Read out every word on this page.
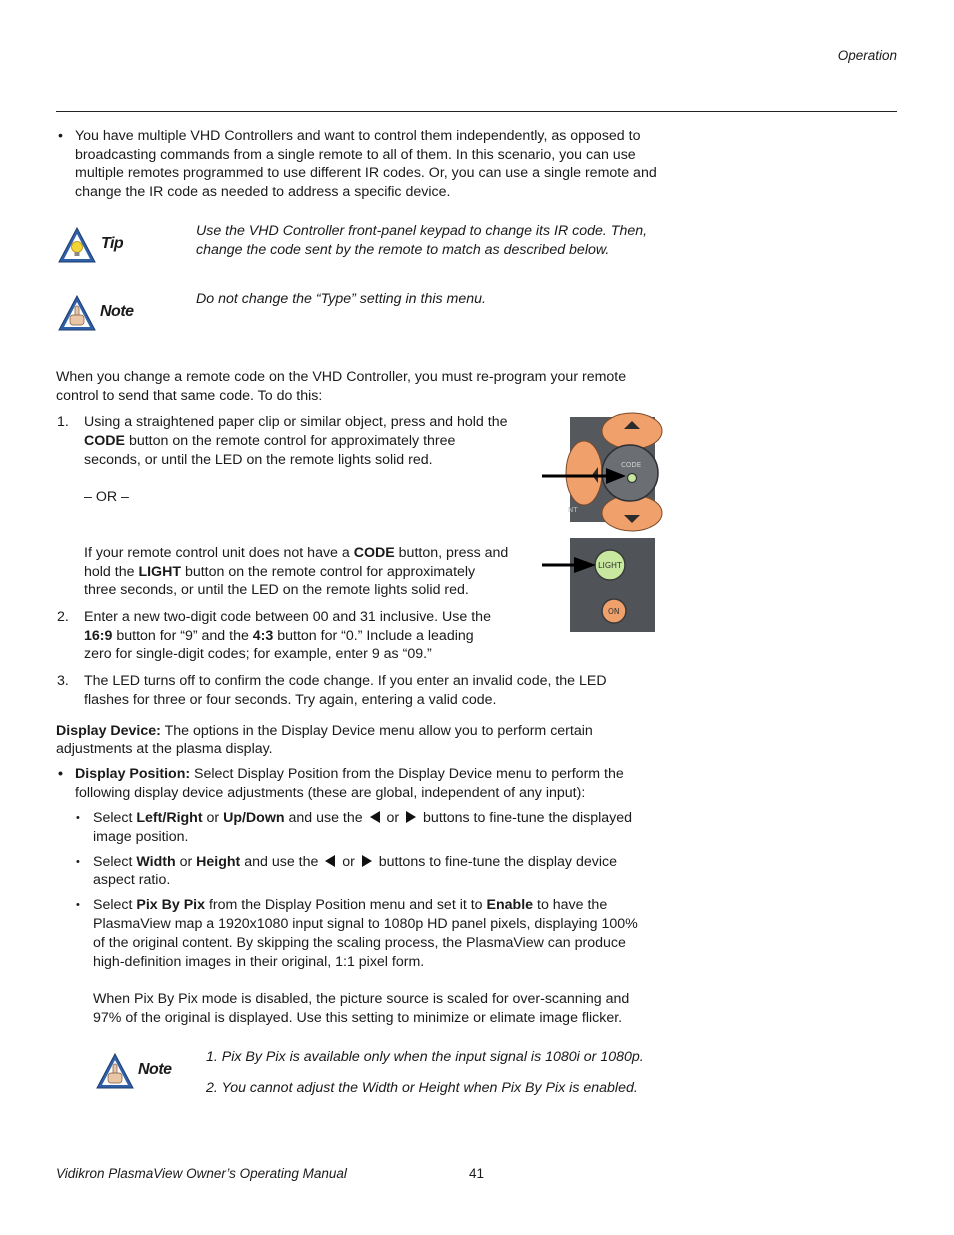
Operation
• You have multiple VHD Controllers and want to control them independently, as opposed to broadcasting commands from a single remote to all of them. In this scenario, you can use multiple remotes programmed to use different IR codes. Or, you can use a single remote and change the IR code as needed to address a specific device.
Tip
Use the VHD Controller front-panel keypad to change its IR code. Then,
change the code sent by the remote to match as described below.
Note
Do not change the “Type” setting in this menu.
When you change a remote code on the VHD Controller, you must re-program your remote
control to send that same code. To do this:
1. Using a straightened paper clip or similar object, press and hold the
CODE button on the remote control for approximately three
seconds, or until the LED on the remote lights solid red.
– OR –
If your remote control unit does not have a CODE button, press and
hold the LIGHT button on the remote control for approximately
three seconds, or until the LED on the remote lights solid red.
CODE
NT
LIGHT
ON
2. Enter a new two-digit code between 00 and 31 inclusive. Use the
16:9 button for “9” and the 4:3 button for “0.” Include a leading
zero for single-digit codes; for example, enter 9 as “09.”
3. The LED turns off to confirm the code change. If you enter an invalid code, the LED
flashes for three or four seconds. Try again, entering a valid code.
Display Device: The options in the Display Device menu allow you to perform certain
adjustments at the plasma display.
• Display Position: Select Display Position from the Display Device menu to perform the
following display device adjustments (these are global, independent of any input):
• Select Left/Right or Up/Down and use the  or  buttons to fine-tune the displayed
image position.
• Select Width or Height and use the  or  buttons to fine-tune the display device
aspect ratio.
• Select Pix By Pix from the Display Position menu and set it to Enable to have the
PlasmaView map a 1920x1080 input signal to 1080p HD panel pixels, displaying 100%
of the original content. By skipping the scaling process, the PlasmaView can produce
high-definition images in their original, 1:1 pixel form.
When Pix By Pix mode is disabled, the picture source is scaled for over-scanning and
97% of the original is displayed. Use this setting to minimize or elimate image flicker.
Note
1. Pix By Pix is available only when the input signal is 1080i or 1080p.
2. You cannot adjust the Width or Height when Pix By Pix is enabled.
Vidikron PlasmaView Owner’s Operating Manual	41
